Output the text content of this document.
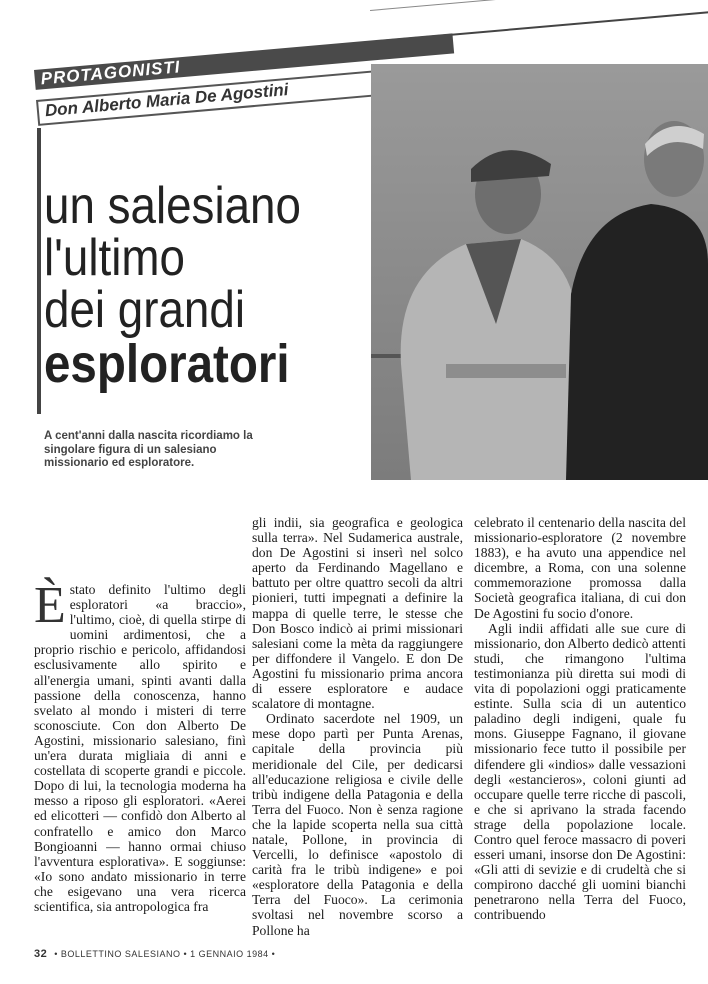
PROTAGONISTI
Don Alberto Maria De Agostini
un salesiano
l'ultimo
dei grandi
esploratori
A cent'anni dalla nascita ricordiamo la singolare figura di un salesiano missionario ed esploratore.
È stato definito l'ultimo degli esploratori «a braccio», l'ultimo, cioè, di quella stirpe di uomini ardimentosi, che a proprio rischio e pericolo, affidandosi esclusivamente allo spirito e all'energia umani, spinti avanti dalla passione della conoscenza, hanno svelato al mondo i misteri di terre sconosciute. Con don Alberto De Agostini, missionario salesiano, finì un'era durata migliaia di anni e costellata di scoperte grandi e piccole. Dopo di lui, la tecnologia moderna ha messo a riposo gli esploratori. «Aerei ed elicotteri — confidò don Alberto al confratello e amico don Marco Bongioanni — hanno ormai chiuso l'avventura esplorativa». E soggiunse: «Io sono andato missionario in terre che esigevano una vera ricerca scientifica, sia antropologica fra

gli indii, sia geografica e geologica sulla terra». Nel Sudamerica australe, don De Agostini si inserì nel solco aperto da Ferdinando Magellano e battuto per oltre quattro secoli da altri pionieri, tutti impegnati a definire la mappa di quelle terre, le stesse che Don Bosco indicò ai primi missionari salesiani come la mèta da raggiungere per diffondere il Vangelo. E don De Agostini fu missionario prima ancora di essere esploratore e audace scalatore di montagne.

Ordinato sacerdote nel 1909, un mese dopo partì per Punta Arenas, capitale della provincia più meridionale del Cile, per dedicarsi all'educazione religiosa e civile delle tribù indigene della Patagonia e della Terra del Fuoco. Non è senza ragione che la lapide scoperta nella sua città natale, Pollone, in provincia di Vercelli, lo definisce «apostolo di carità fra le tribù indigene» e poi «esploratore della Patagonia e della Terra del Fuoco». La cerimonia svoltasi nel novembre scorso a Pollone ha

celebrato il centenario della nascita del missionario-esploratore (2 novembre 1883), e ha avuto una appendice nel dicembre, a Roma, con una solenne commemorazione promossa dalla Società geografica italiana, di cui don De Agostini fu socio d'onore.

Agli indii affidati alle sue cure di missionario, don Alberto dedicò attenti studi, che rimangono l'ultima testimonianza più diretta sui modi di vita di popolazioni oggi praticamente estinte. Sulla scia di un autentico paladino degli indigeni, quale fu mons. Giuseppe Fagnano, il giovane missionario fece tutto il possibile per difendere gli «indios» dalle vessazioni degli «estancieros», coloni giunti ad occupare quelle terre ricche di pascoli, e che si aprivano la strada facendo strage della popolazione locale. Contro quel feroce massacro di poveri esseri umani, insorse don De Agostini: «Gli atti di sevizie e di crudeltà che si compirono dacché gli uomini bianchi penetrarono nella Terra del Fuoco, contribuendo

32 • BOLLETTINO SALESIANO • 1 GENNAIO 1984 •
